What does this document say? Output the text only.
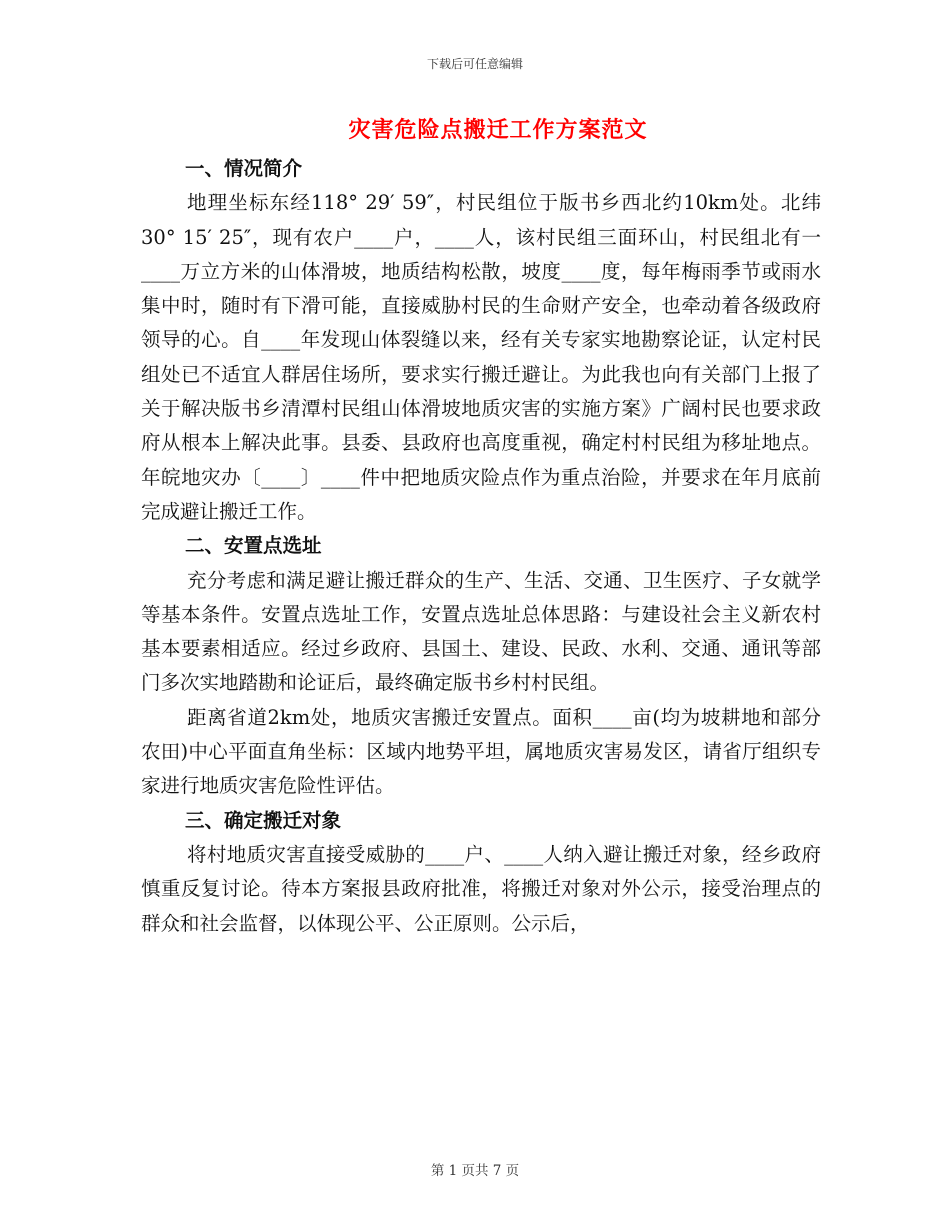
下载后可任意编辑
灾害危险点搬迁工作方案范文

一、情况简介

地理坐标东经118° 29′ 59″，村民组位于版书乡西北约10km处。北纬30° 15′ 25″，现有农户____户，____人，该村民组三面环山，村民组北有一____万立方米的山体滑坡，地质结构松散，坡度____度，每年梅雨季节或雨水集中时，随时有下滑可能，直接威胁村民的生命财产安全，也牵动着各级政府领导的心。自____年发现山体裂缝以来，经有关专家实地勘察论证，认定村民组处已不适宜人群居住场所，要求实行搬迁避让。为此我也向有关部门上报了关于解决版书乡清潭村民组山体滑坡地质灾害的实施方案》广阔村民也要求政府从根本上解决此事。县委、县政府也高度重视，确定村村民组为移址地点。年皖地灾办〔____〕____件中把地质灾险点作为重点治险，并要求在年月底前完成避让搬迁工作。

二、安置点选址

充分考虑和满足避让搬迁群众的生产、生活、交通、卫生医疗、子女就学等基本条件。安置点选址工作，安置点选址总体思路：与建设社会主义新农村基本要素相适应。经过乡政府、县国土、建设、民政、水利、交通、通讯等部门多次实地踏勘和论证后，最终确定版书乡村村民组。

距离省道2km处，地质灾害搬迁安置点。面积____亩(均为坡耕地和部分农田)中心平面直角坐标：区域内地势平坦，属地质灾害易发区，请省厅组织专家进行地质灾害危险性评估。

三、确定搬迁对象

将村地质灾害直接受威胁的____户、____人纳入避让搬迁对象，经乡政府慎重反复讨论。待本方案报县政府批准，将搬迁对象对外公示，接受治理点的群众和社会监督，以体现公平、公正原则。公示后，

第 1 页共 7 页
